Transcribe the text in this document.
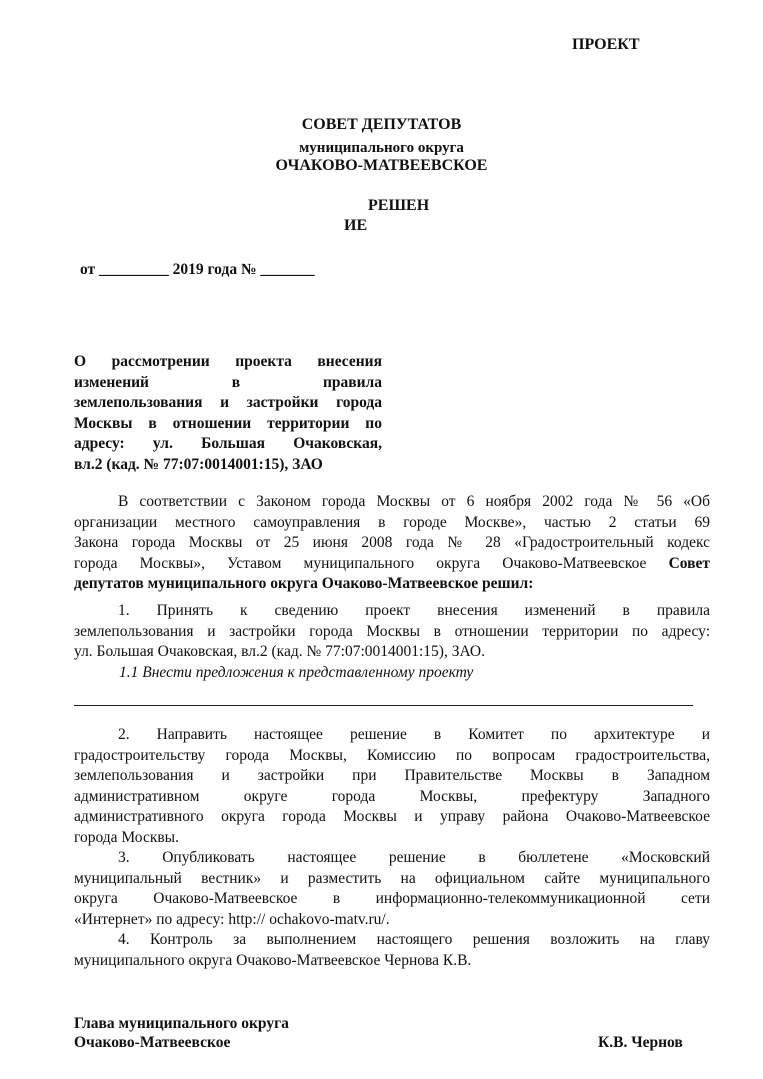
ПРОЕКТ
СОВЕТ ДЕПУТАТОВ
муниципального округа
ОЧАКОВО-МАТВЕЕВСКОЕ
РЕШЕН
ИЕ
от _________ 2019 года № _______
О рассмотрении проекта внесения
изменений в правила
землепользования и застройки города
Москвы в отношении территории по
адресу: ул. Большая Очаковская,
вл.2 (кад. № 77:07:0014001:15), ЗАО
В соответствии с Законом города Москвы от 6 ноября 2002 года № 56 «Об
организации местного самоуправления в городе Москве», частью 2 статьи 69
Закона города Москвы от 25 июня 2008 года № 28 «Градостроительный кодекс
города Москвы», Уставом муниципального округа Очаково-Матвеевское Совет
депутатов муниципального округа Очаково-Матвеевское решил:
1. Принять к сведению проект внесения изменений в правила
землепользования и застройки города Москвы в отношении территории по адресу:
ул. Большая Очаковская, вл.2 (кад. № 77:07:0014001:15), ЗАО.
1.1 Внести предложения к представленному проекту
2. Направить настоящее решение в Комитет по архитектуре и
градостроительству города Москвы, Комиссию по вопросам градостроительства,
землепользования и застройки при Правительстве Москвы в Западном
административном округе города Москвы, префектуру Западного
административного округа города Москвы и управу района Очаково-Матвеевское
города Москвы.
3. Опубликовать настоящее решение в бюллетене «Московский
муниципальный вестник» и разместить на официальном сайте муниципального
округа Очаково-Матвеевское в информационно-телекоммуникационной сети
«Интернет» по адресу: http:// ochakovo-matv.ru/.
4. Контроль за выполнением настоящего решения возложить на главу
муниципального округа Очаково-Матвеевское Чернова К.В.
Глава муниципального округа
Очаково-Матвеевское	К.В. Чернов
